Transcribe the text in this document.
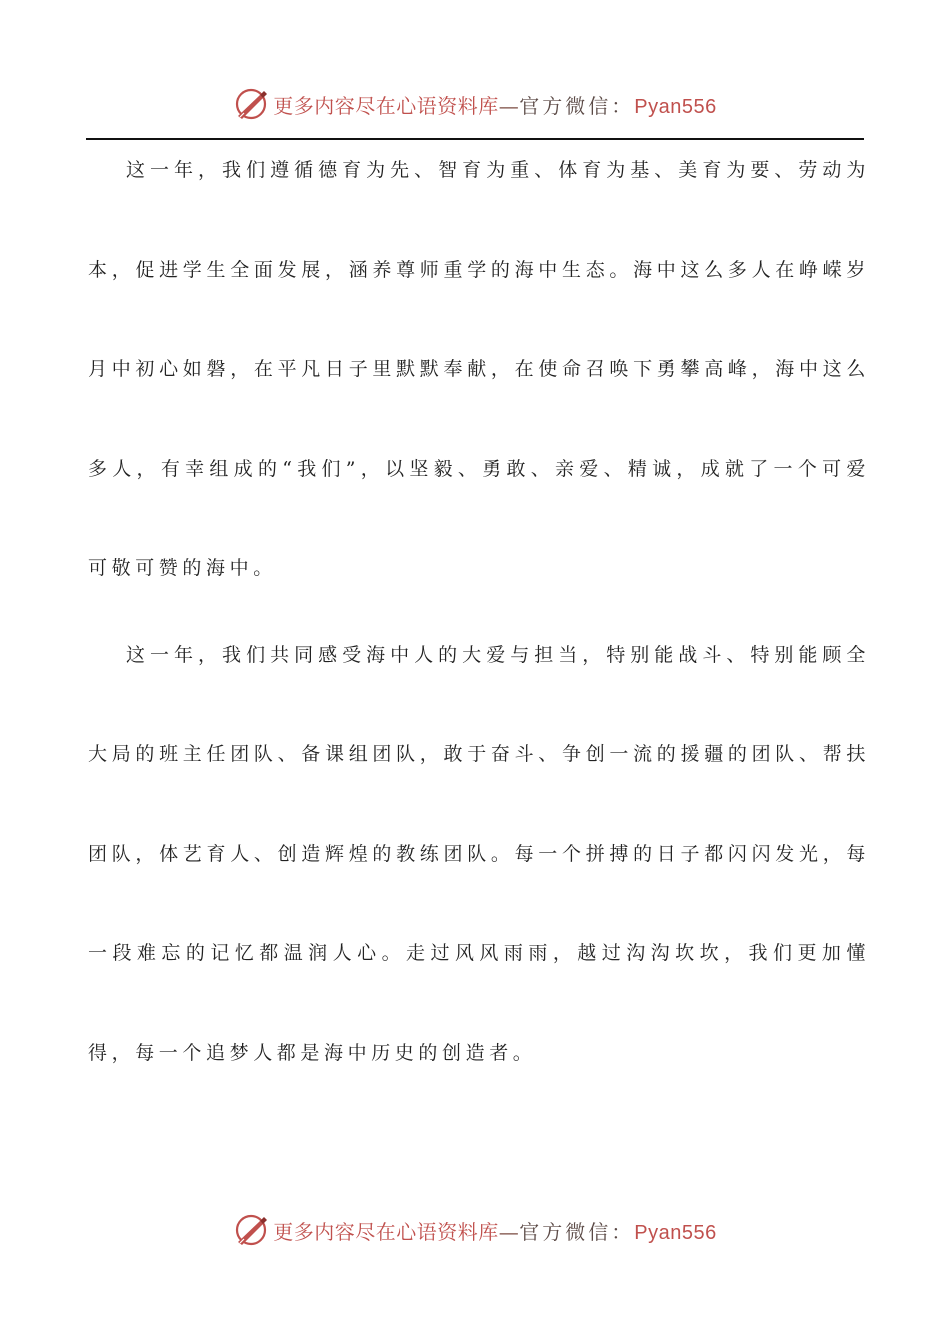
更多内容尽在心语资料库—官方微信：Pyan556

这一年，我们遵循德育为先、智育为重、体育为基、美育为要、劳动为本，促进学生全面发展，涵养尊师重学的海中生态。海中这么多人在峥嵘岁月中初心如磐，在平凡日子里默默奉献，在使命召唤下勇攀高峰，海中这么多人，有幸组成的“我们”，以坚毅、勇敢、亲爱、精诚，成就了一个可爱可敬可赞的海中。

这一年，我们共同感受海中人的大爱与担当，特别能战斗、特别能顾全大局的班主任团队、备课组团队，敢于奋斗、争创一流的援疆的团队、帮扶团队，体艺育人、创造辉煌的教练团队。每一个拼搏的日子都闪闪发光，每一段难忘的记忆都温润人心。走过风风雨雨，越过沟沟坎坎，我们更加懂得，每一个追梦人都是海中历史的创造者。

更多内容尽在心语资料库—官方微信：Pyan556
